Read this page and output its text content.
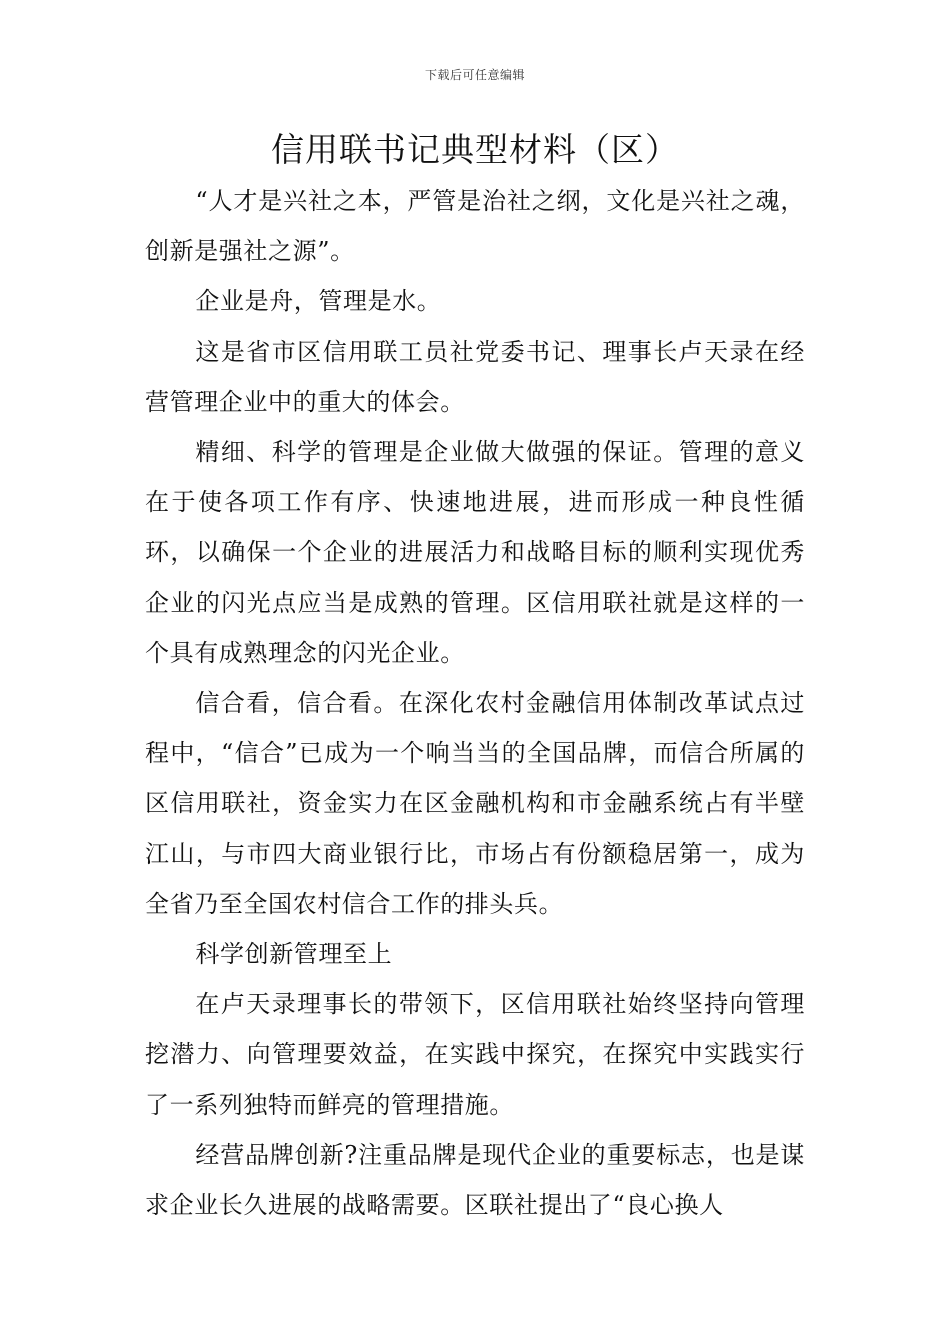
下载后可任意编辑
信用联书记典型材料（区）

“人才是兴社之本，严管是治社之纲，文化是兴社之魂，创新是强社之源”。

企业是舟，管理是水。

这是省市区信用联工员社党委书记、理事长卢天录在经营管理企业中的重大的体会。

精细、科学的管理是企业做大做强的保证。管理的意义在于使各项工作有序、快速地进展，进而形成一种良性循环，以确保一个企业的进展活力和战略目标的顺利实现优秀企业的闪光点应当是成熟的管理。区信用联社就是这样的一个具有成熟理念的闪光企业。

信合看，信合看。在深化农村金融信用体制改革试点过程中，“信合”已成为一个响当当的全国品牌，而信合所属的区信用联社，资金实力在区金融机构和市金融系统占有半壁江山，与市四大商业银行比，市场占有份额稳居第一，成为全省乃至全国农村信合工作的排头兵。

科学创新管理至上

在卢天录理事长的带领下，区信用联社始终坚持向管理挖潜力、向管理要效益，在实践中探究，在探究中实践实行了一系列独特而鲜亮的管理措施。

经营品牌创新?注重品牌是现代企业的重要标志，也是谋求企业长久进展的战略需要。区联社提出了“良心换人
